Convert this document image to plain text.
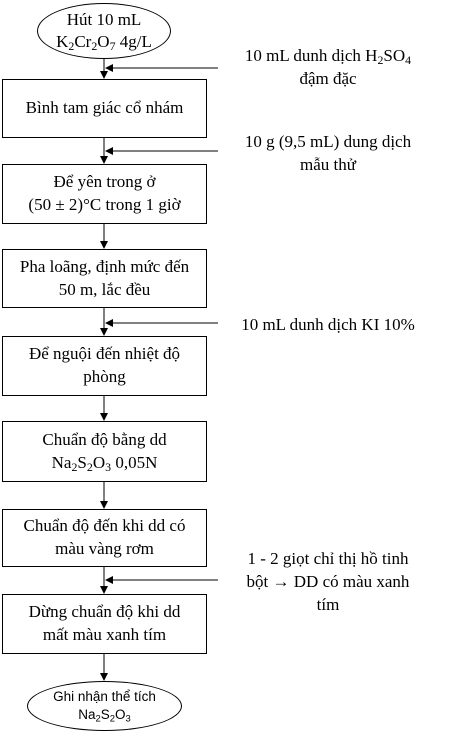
Hút 10 mL
$K_2Cr_2O_7$ 4g/L
Bình tam giác cổ nhám
Để yên trong ở
(50 ± 2)°C trong 1 giờ
Pha loãng, định mức đến
50 m, lắc đều
Để nguội đến nhiệt độ
phòng
Chuẩn độ bằng dd
$Na_2S_2O_3$ 0,05N
Chuẩn độ đến khi dd có
màu vàng rơm
Dừng chuẩn độ khi dd
mất màu xanh tím
Ghi nhận thể tích
$Na_2S_2O_3$
10 mL dunh dịch $H_2SO_4$
đậm đặc
10 g (9,5 mL) dung dịch
mẫu thử
10 mL dunh dịch KI 10%
1 - 2 giọt chỉ thị hồ tinh
bột → DD có màu xanh
tím
